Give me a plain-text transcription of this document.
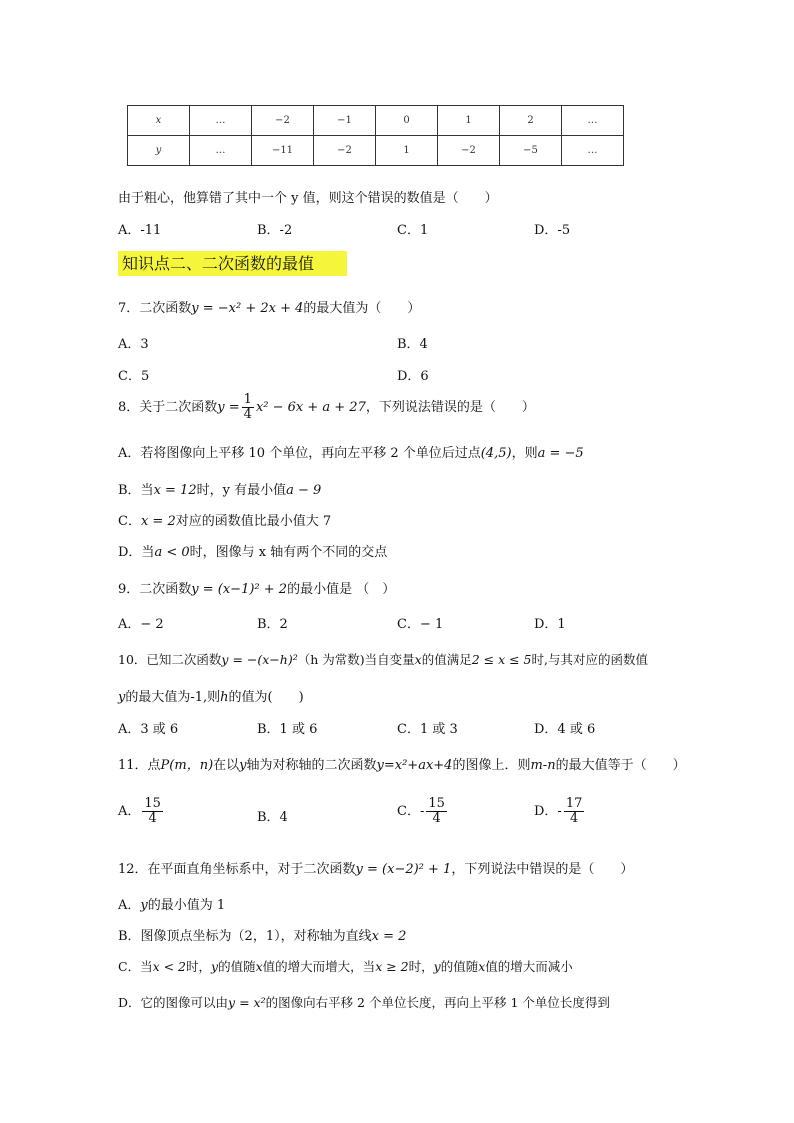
x	…	−2	−1	0	1	2	…
y	…	−11	−2	1	−2	−5	…
由于粗心，他算错了其中一个 y 值，则这个错误的数值是（　　）
A．-11	B．-2	C．1	D．-5
知识点二、二次函数的最值
7．二次函数y = −x² + 2x + 4的最大值为（　　）
A．3	B．4
C．5	D．6
8．关于二次函数$y = \frac{1}{4} x^2 - 6x + a + 27$，下列说法错误的是（　　）
A．若将图像向上平移 10 个单位，再向左平移 2 个单位后过点(4,5)，则a = −5
B．当x = 12时，y 有最小值a − 9
C．x = 2对应的函数值比最小值大 7
D．当a < 0时，图像与 x 轴有两个不同的交点
9．二次函数y = (x−1)² + 2的最小值是 （　）
A．− 2	B．2	C．− 1	D．1
10．已知二次函数y = −(x−h)²（h 为常数)当自变量x的值满足2 ≤ x ≤ 5时,与其对应的函数值
y的最大值为-1,则h的值为(　　)
A．3 或 6	B．1 或 6	C．1 或 3	D．4 或 6
11．点P(m，n)在以y轴为对称轴的二次函数y=x²+ax+4的图像上．则m-n的最大值等于（　　）
A． $\frac{15}{4}$	B．4	C．- $\frac{15}{4}$	D．- $\frac{17}{4}$
12．在平面直角坐标系中，对于二次函数y = (x−2)² + 1，下列说法中错误的是（　　）
A．y的最小值为 1
B．图像顶点坐标为（2，1），对称轴为直线x = 2
C．当x < 2时，y的值随x值的增大而增大，当x ≥ 2时，y的值随x值的增大而减小
D．它的图像可以由y = x²的图像向右平移 2 个单位长度，再向上平移 1 个单位长度得到
